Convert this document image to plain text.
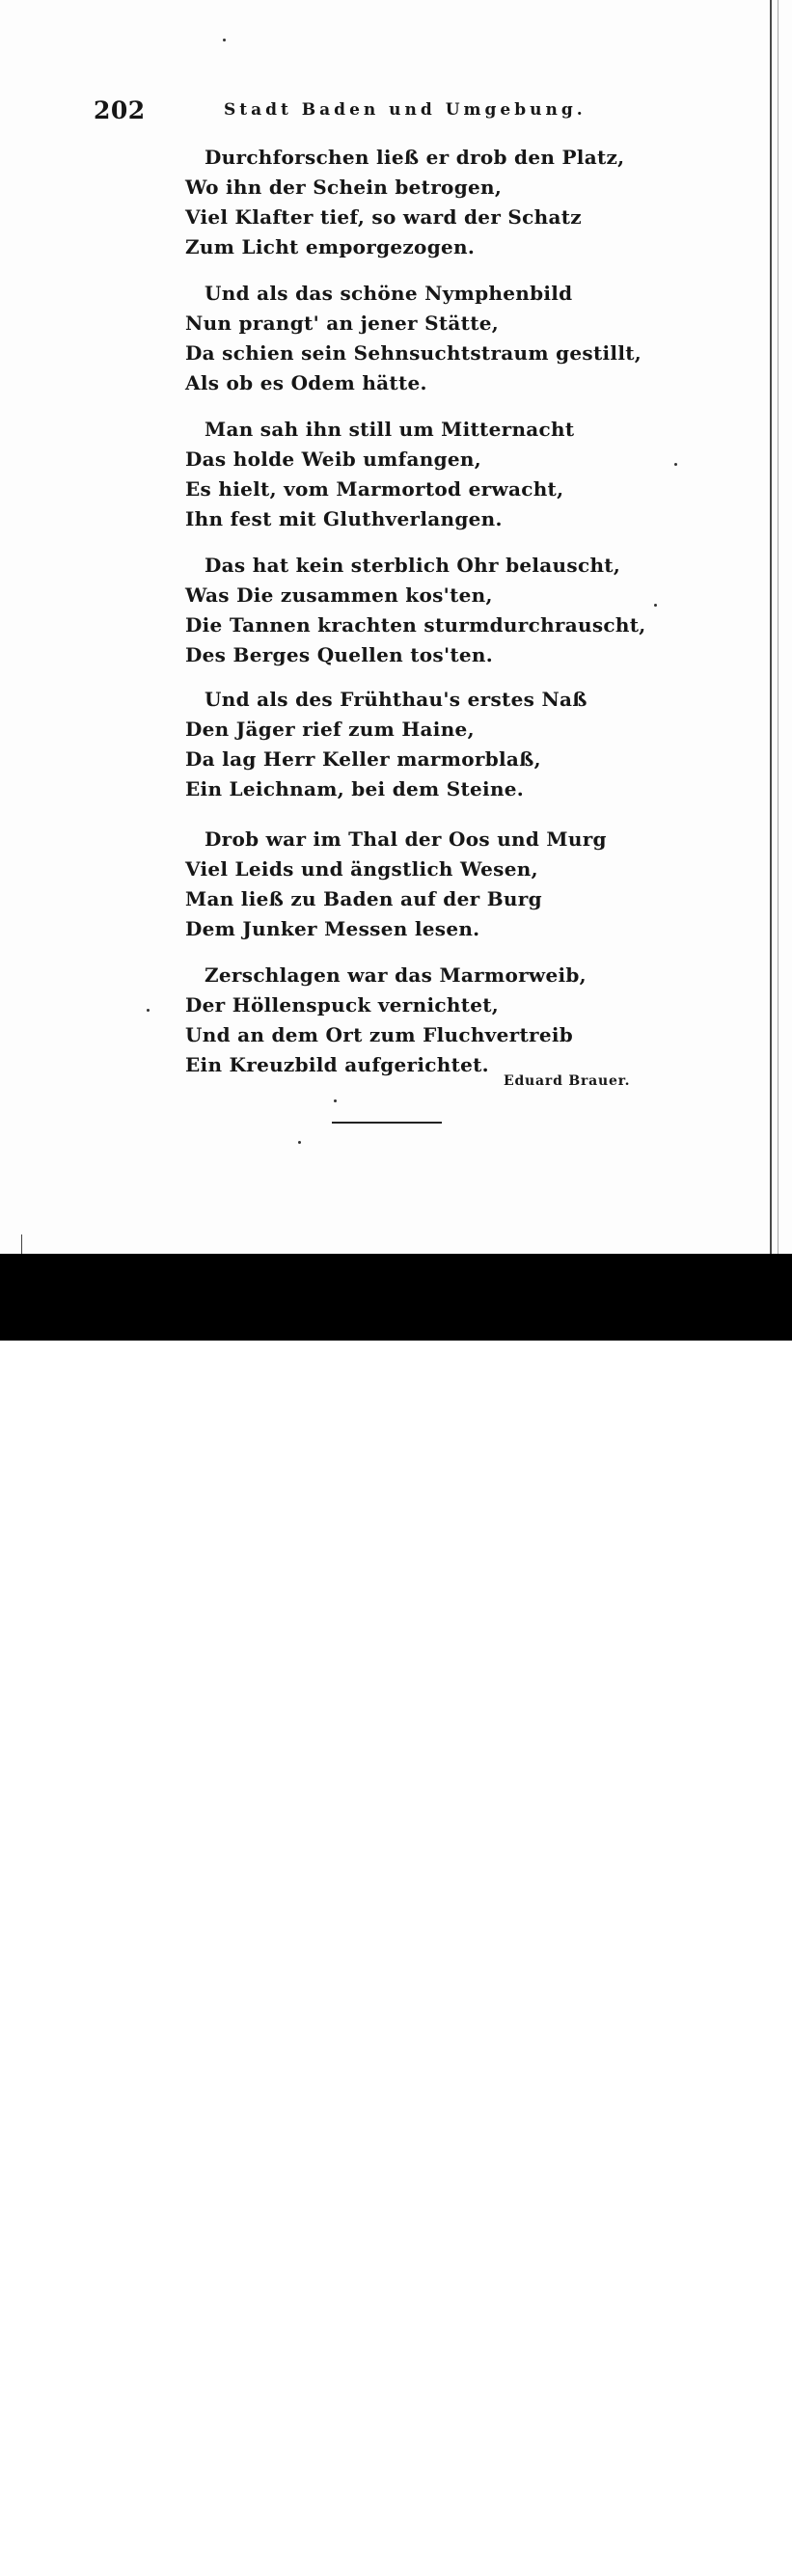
202	Stadt Baden und Umgebung.
Durchforschen ließ er drob den Platz,
Wo ihn der Schein betrogen,
Viel Klafter tief, so ward der Schatz
Zum Licht emporgezogen.
Und als das schöne Nymphenbild
Nun prangt' an jener Stätte,
Da schien sein Sehnsuchtstraum gestillt,
Als ob es Odem hätte.
Man sah ihn still um Mitternacht
Das holde Weib umfangen,
Es hielt, vom Marmortod erwacht,
Ihn fest mit Gluthverlangen.
Das hat kein sterblich Ohr belauscht,
Was Die zusammen kos'ten,
Die Tannen krachten sturmdurchrauscht,
Des Berges Quellen tos'ten.
Und als des Frühthau's erstes Naß
Den Jäger rief zum Haine,
Da lag Herr Keller marmorblaß,
Ein Leichnam, bei dem Steine.
Drob war im Thal der Oos und Murg
Viel Leids und ängstlich Wesen,
Man ließ zu Baden auf der Burg
Dem Junker Messen lesen.
Zerschlagen war das Marmorweib,
Der Höllenspuck vernichtet,
Und an dem Ort zum Fluchvertreib
Ein Kreuzbild aufgerichtet.
Eduard Brauer.
alamy	JE7N8W
www.alamy.com
